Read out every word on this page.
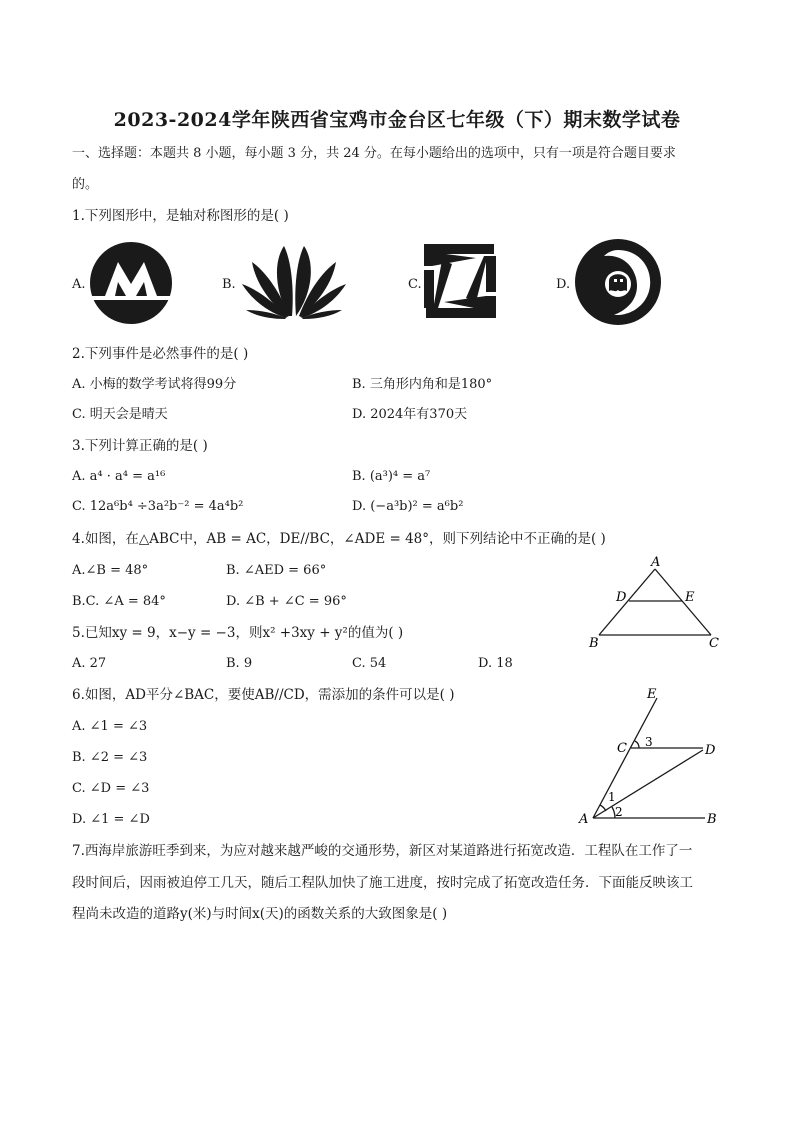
2023-2024学年陕西省宝鸡市金台区七年级（下）期末数学试卷
一、选择题：本题共 8 小题，每小题 3 分，共 24 分。在每小题给出的选项中，只有一项是符合题目要求
的。
1.下列图形中，是轴对称图形的是( )
A.	B.	C.	D.
2.下列事件是必然事件的是( )
A. 小梅的数学考试将得99分	B. 三角形内角和是180°
C. 明天会是晴天	D. 2024年有370天
3.下列计算正确的是( )
A. a⁴ · a⁴ = a¹⁶	B. (a³)⁴ = a⁷
C. 12a⁶b⁴ ÷3a²b⁻² = 4a⁴b²	D. (−a³b)² = a⁶b²
4.如图，在△ABC中，AB = AC，DE//BC，∠ADE = 48°，则下列结论中不正确的是( )
A.∠B = 48°	B. ∠AED = 66°
B.C. ∠A = 84°	D. ∠B + ∠C = 96°
A
D	E
B	C
5.已知xy = 9，x−y = −3，则x² +3xy + y²的值为( )
A. 27	B. 9	C. 54	D. 18
6.如图，AD平分∠BAC，要使AB//CD，需添加的条件可以是( )
A. ∠1 = ∠3
B. ∠2 = ∠3
C. ∠D = ∠3
D. ∠1 = ∠D
E
C 3
D
1
2
A	B
7.西海岸旅游旺季到来，为应对越来越严峻的交通形势，新区对某道路进行拓宽改造．工程队在工作了一
段时间后，因雨被迫停工几天，随后工程队加快了施工进度，按时完成了拓宽改造任务．下面能反映该工
程尚未改造的道路y(米)与时间x(天)的函数关系的大致图象是( )
